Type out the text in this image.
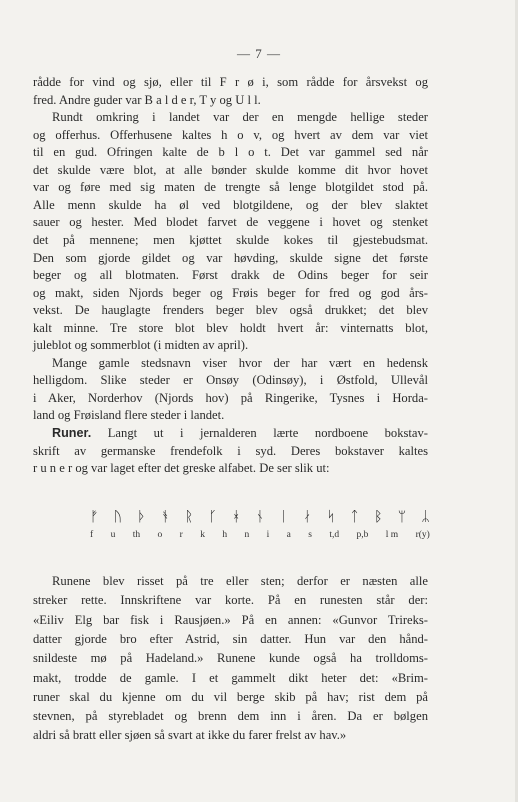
— 7 —
rådde for vind og sjø, eller til F r ø i, som rådde for årsvekst og
fred. Andre guder var B a l d e r, T y og U l l.
Rundt omkring i landet var der en mengde hellige steder
og offerhus. Offerhusene kaltes h o v, og hvert av dem var viet
til en gud. Ofringen kalte de b l o t. Det var gammel sed når
det skulde være blot, at alle bønder skulde komme dit hvor hovet
var og føre med sig maten de trengte så lenge blotgildet stod på.
Alle menn skulde ha øl ved blotgildene, og der blev slaktet
sauer og hester. Med blodet farvet de veggene i hovet og stenket
det på mennene; men kjøttet skulde kokes til gjestebudsmat.
Den som gjorde gildet og var høvding, skulde signe det første
beger og all blotmaten. Først drakk de Odins beger for seir
og makt, siden Njords beger og Frøis beger for fred og god års-
vekst. De hauglagte frenders beger blev også drukket; det blev
kalt minne. Tre store blot blev holdt hvert år: vinternatts blot,
juleblot og sommerblot (i midten av april).
Mange gamle stedsnavn viser hvor der har vært en hedensk
helligdom. Slike steder er Onsøy (Odinsøy), i Østfold, Ullevål
i Aker, Norderhov (Njords hov) på Ringerike, Tysnes i Horda-
land og Frøisland flere steder i landet.
Runer. Langt ut i jernalderen lærte nordboene bokstav-
skrift av germanske frendefolk i syd. Deres bokstaver kaltes
r u n e r og var laget efter det greske alfabet. De ser slik ut:
ᚠ ᚢ ᚦ ᚬ ᚱ ᚴ ᚼ ᚾ ᛁ ᛅ ᛋ ᛏ ᛒ ᛘ ᛦ
f u th o r k h n i a s t,d p,b l m r(y)
Runene blev risset på tre eller sten; derfor er næsten alle
streker rette. Innskriftene var korte. På en runesten står der:
«Eiliv Elg bar fisk i Rausjøen.» På en annen: «Gunvor Trireks-
datter gjorde bro efter Astrid, sin datter. Hun var den hånd-
snildeste mø på Hadeland.» Runene kunde også ha trolldoms-
makt, trodde de gamle. I et gammelt dikt heter det: «Brim-
runer skal du kjenne om du vil berge skib på hav; rist dem på
stevnen, på styrebladet og brenn dem inn i åren. Da er bølgen
aldri så bratt eller sjøen så svart at ikke du farer frelst av hav.»
